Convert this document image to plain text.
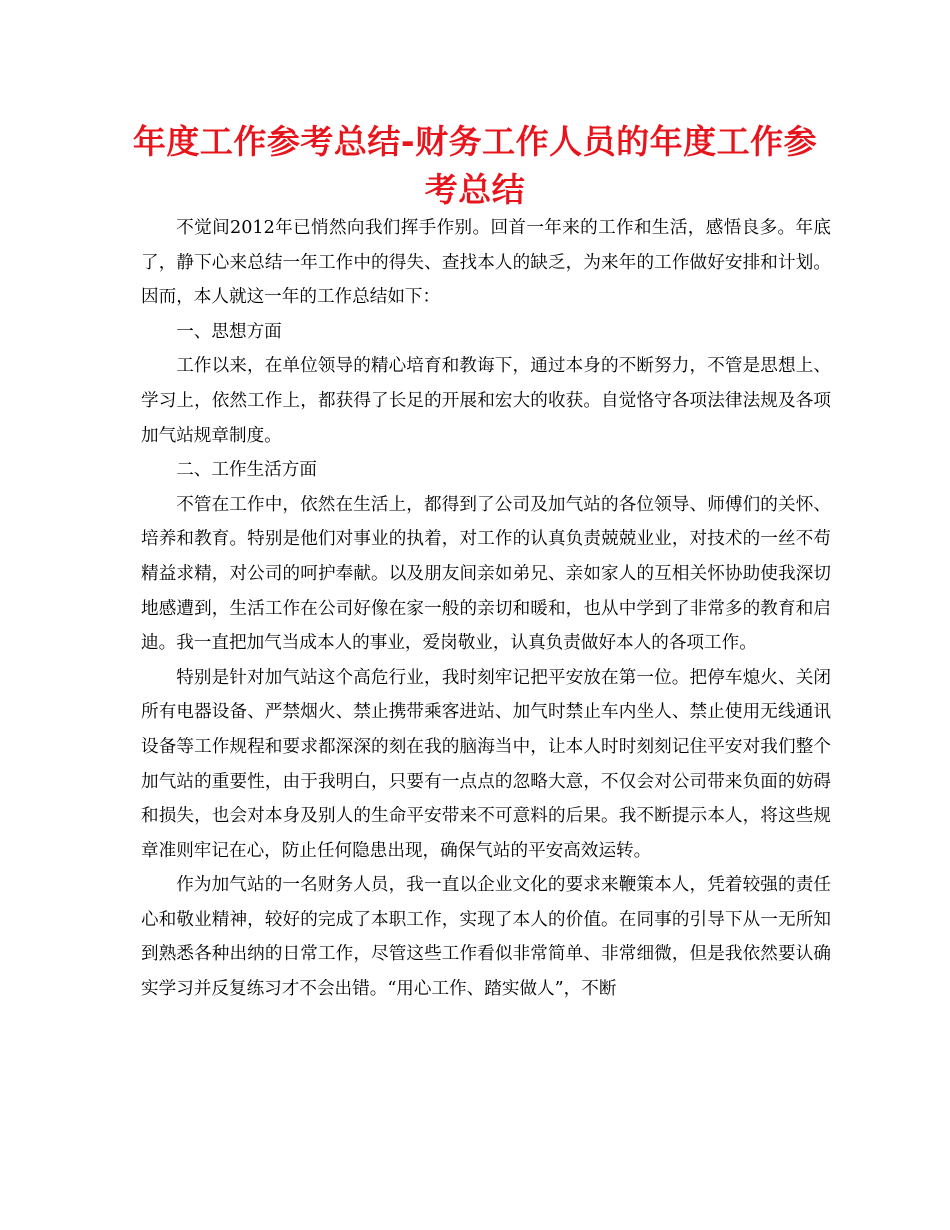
年度工作参考总结-财务工作人员的年度工作参考总结

不觉间2012年已悄然向我们挥手作别。回首一年来的工作和生活，感悟良多。年底了，静下心来总结一年工作中的得失、查找本人的缺乏，为来年的工作做好安排和计划。因而，本人就这一年的工作总结如下：

一、思想方面

工作以来，在单位领导的精心培育和教诲下，通过本身的不断努力，不管是思想上、学习上，依然工作上，都获得了长足的开展和宏大的收获。自觉恪守各项法律法规及各项加气站规章制度。

二、工作生活方面

不管在工作中，依然在生活上，都得到了公司及加气站的各位领导、师傅们的关怀、培养和教育。特别是他们对事业的执着，对工作的认真负责兢兢业业，对技术的一丝不苟精益求精，对公司的呵护奉献。以及朋友间亲如弟兄、亲如家人的互相关怀协助使我深切地感遭到，生活工作在公司好像在家一般的亲切和暖和，也从中学到了非常多的教育和启迪。我一直把加气当成本人的事业，爱岗敬业，认真负责做好本人的各项工作。

特别是针对加气站这个高危行业，我时刻牢记把平安放在第一位。把停车熄火、关闭所有电器设备、严禁烟火、禁止携带乘客进站、加气时禁止车内坐人、禁止使用无线通讯设备等工作规程和要求都深深的刻在我的脑海当中，让本人时时刻刻记住平安对我们整个加气站的重要性，由于我明白，只要有一点点的忽略大意，不仅会对公司带来负面的妨碍和损失，也会对本身及别人的生命平安带来不可意料的后果。我不断提示本人，将这些规章准则牢记在心，防止任何隐患出现，确保气站的平安高效运转。

作为加气站的一名财务人员，我一直以企业文化的要求来鞭策本人，凭着较强的责任心和敬业精神，较好的完成了本职工作，实现了本人的价值。在同事的引导下从一无所知到熟悉各种出纳的日常工作，尽管这些工作看似非常简单、非常细微，但是我依然要认确实学习并反复练习才不会出错。“用心工作、踏实做人”，不断
